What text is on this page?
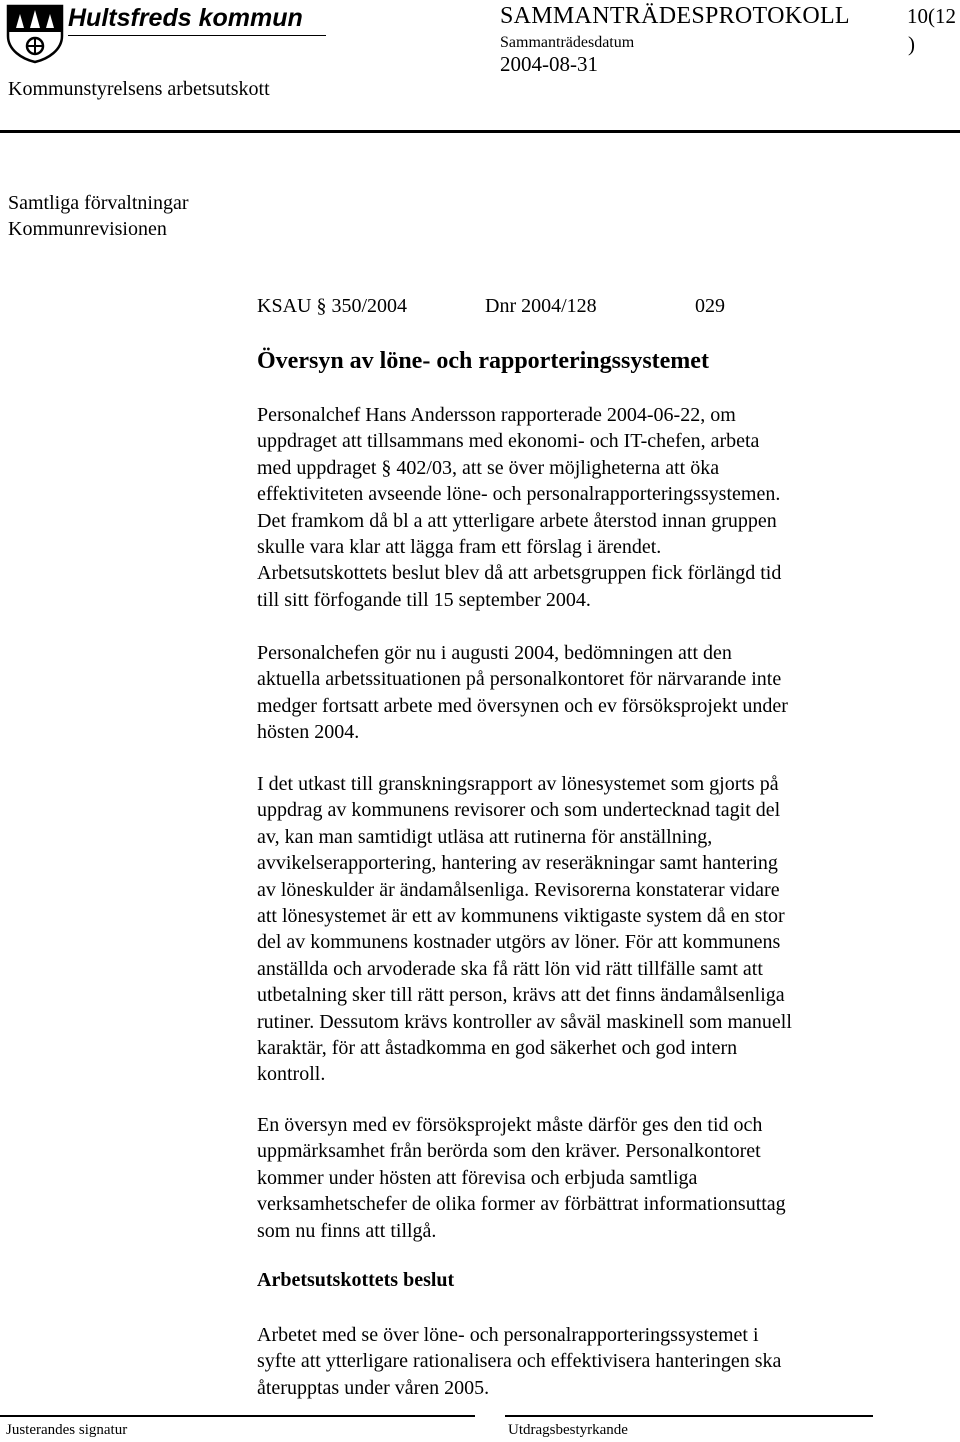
Hultsfreds kommun
Kommunstyrelsens arbetsutskott
SAMMANTRÄDESPROTOKOLL
Sammanträdesdatum
2004-08-31
10(12
)
Samtliga förvaltningar
Kommunrevisionen
KSAU § 350/2004	Dnr 2004/128	029
Översyn av löne- och rapporteringssystemet
Personalchef Hans Andersson rapporterade 2004-06-22, om
uppdraget att tillsammans med ekonomi- och IT-chefen, arbeta
med uppdraget § 402/03, att se över möjligheterna att öka
effektiviteten avseende löne- och personalrapporteringssystemen.
Det framkom då bl a att ytterligare arbete återstod innan gruppen
skulle vara klar att lägga fram ett förslag i ärendet.
Arbetsutskottets beslut blev då att arbetsgruppen fick förlängd tid
till sitt förfogande till 15 september 2004.
Personalchefen gör nu i augusti 2004, bedömningen att den
aktuella arbetssituationen på personalkontoret för närvarande inte
medger fortsatt arbete med översynen och ev försöksprojekt under
hösten 2004.
I det utkast till granskningsrapport av lönesystemet som gjorts på
uppdrag av kommunens revisorer och som undertecknad tagit del
av, kan man samtidigt utläsa att rutinerna för anställning,
avvikelserapportering, hantering av reseräkningar samt hantering
av löneskulder är ändamålsenliga. Revisorerna konstaterar vidare
att lönesystemet är ett av kommunens viktigaste system då en stor
del av kommunens kostnader utgörs av löner. För att kommunens
anställda och arvoderade ska få rätt lön vid rätt tillfälle samt att
utbetalning sker till rätt person, krävs att det finns ändamålsenliga
rutiner. Dessutom krävs kontroller av såväl maskinell som manuell
karaktär, för att åstadkomma en god säkerhet och god intern
kontroll.
En översyn med ev försöksprojekt måste därför ges den tid och
uppmärksamhet från berörda som den kräver. Personalkontoret
kommer under hösten att förevisa och erbjuda samtliga
verksamhetschefer de olika former av förbättrat informationsuttag
som nu finns att tillgå.
Arbetsutskottets beslut
Arbetet med se över löne- och personalrapporteringssystemet i
syfte att ytterligare rationalisera och effektivisera hanteringen ska
återupptas under våren 2005.
Justerandes signatur	Utdragsbestyrkande
